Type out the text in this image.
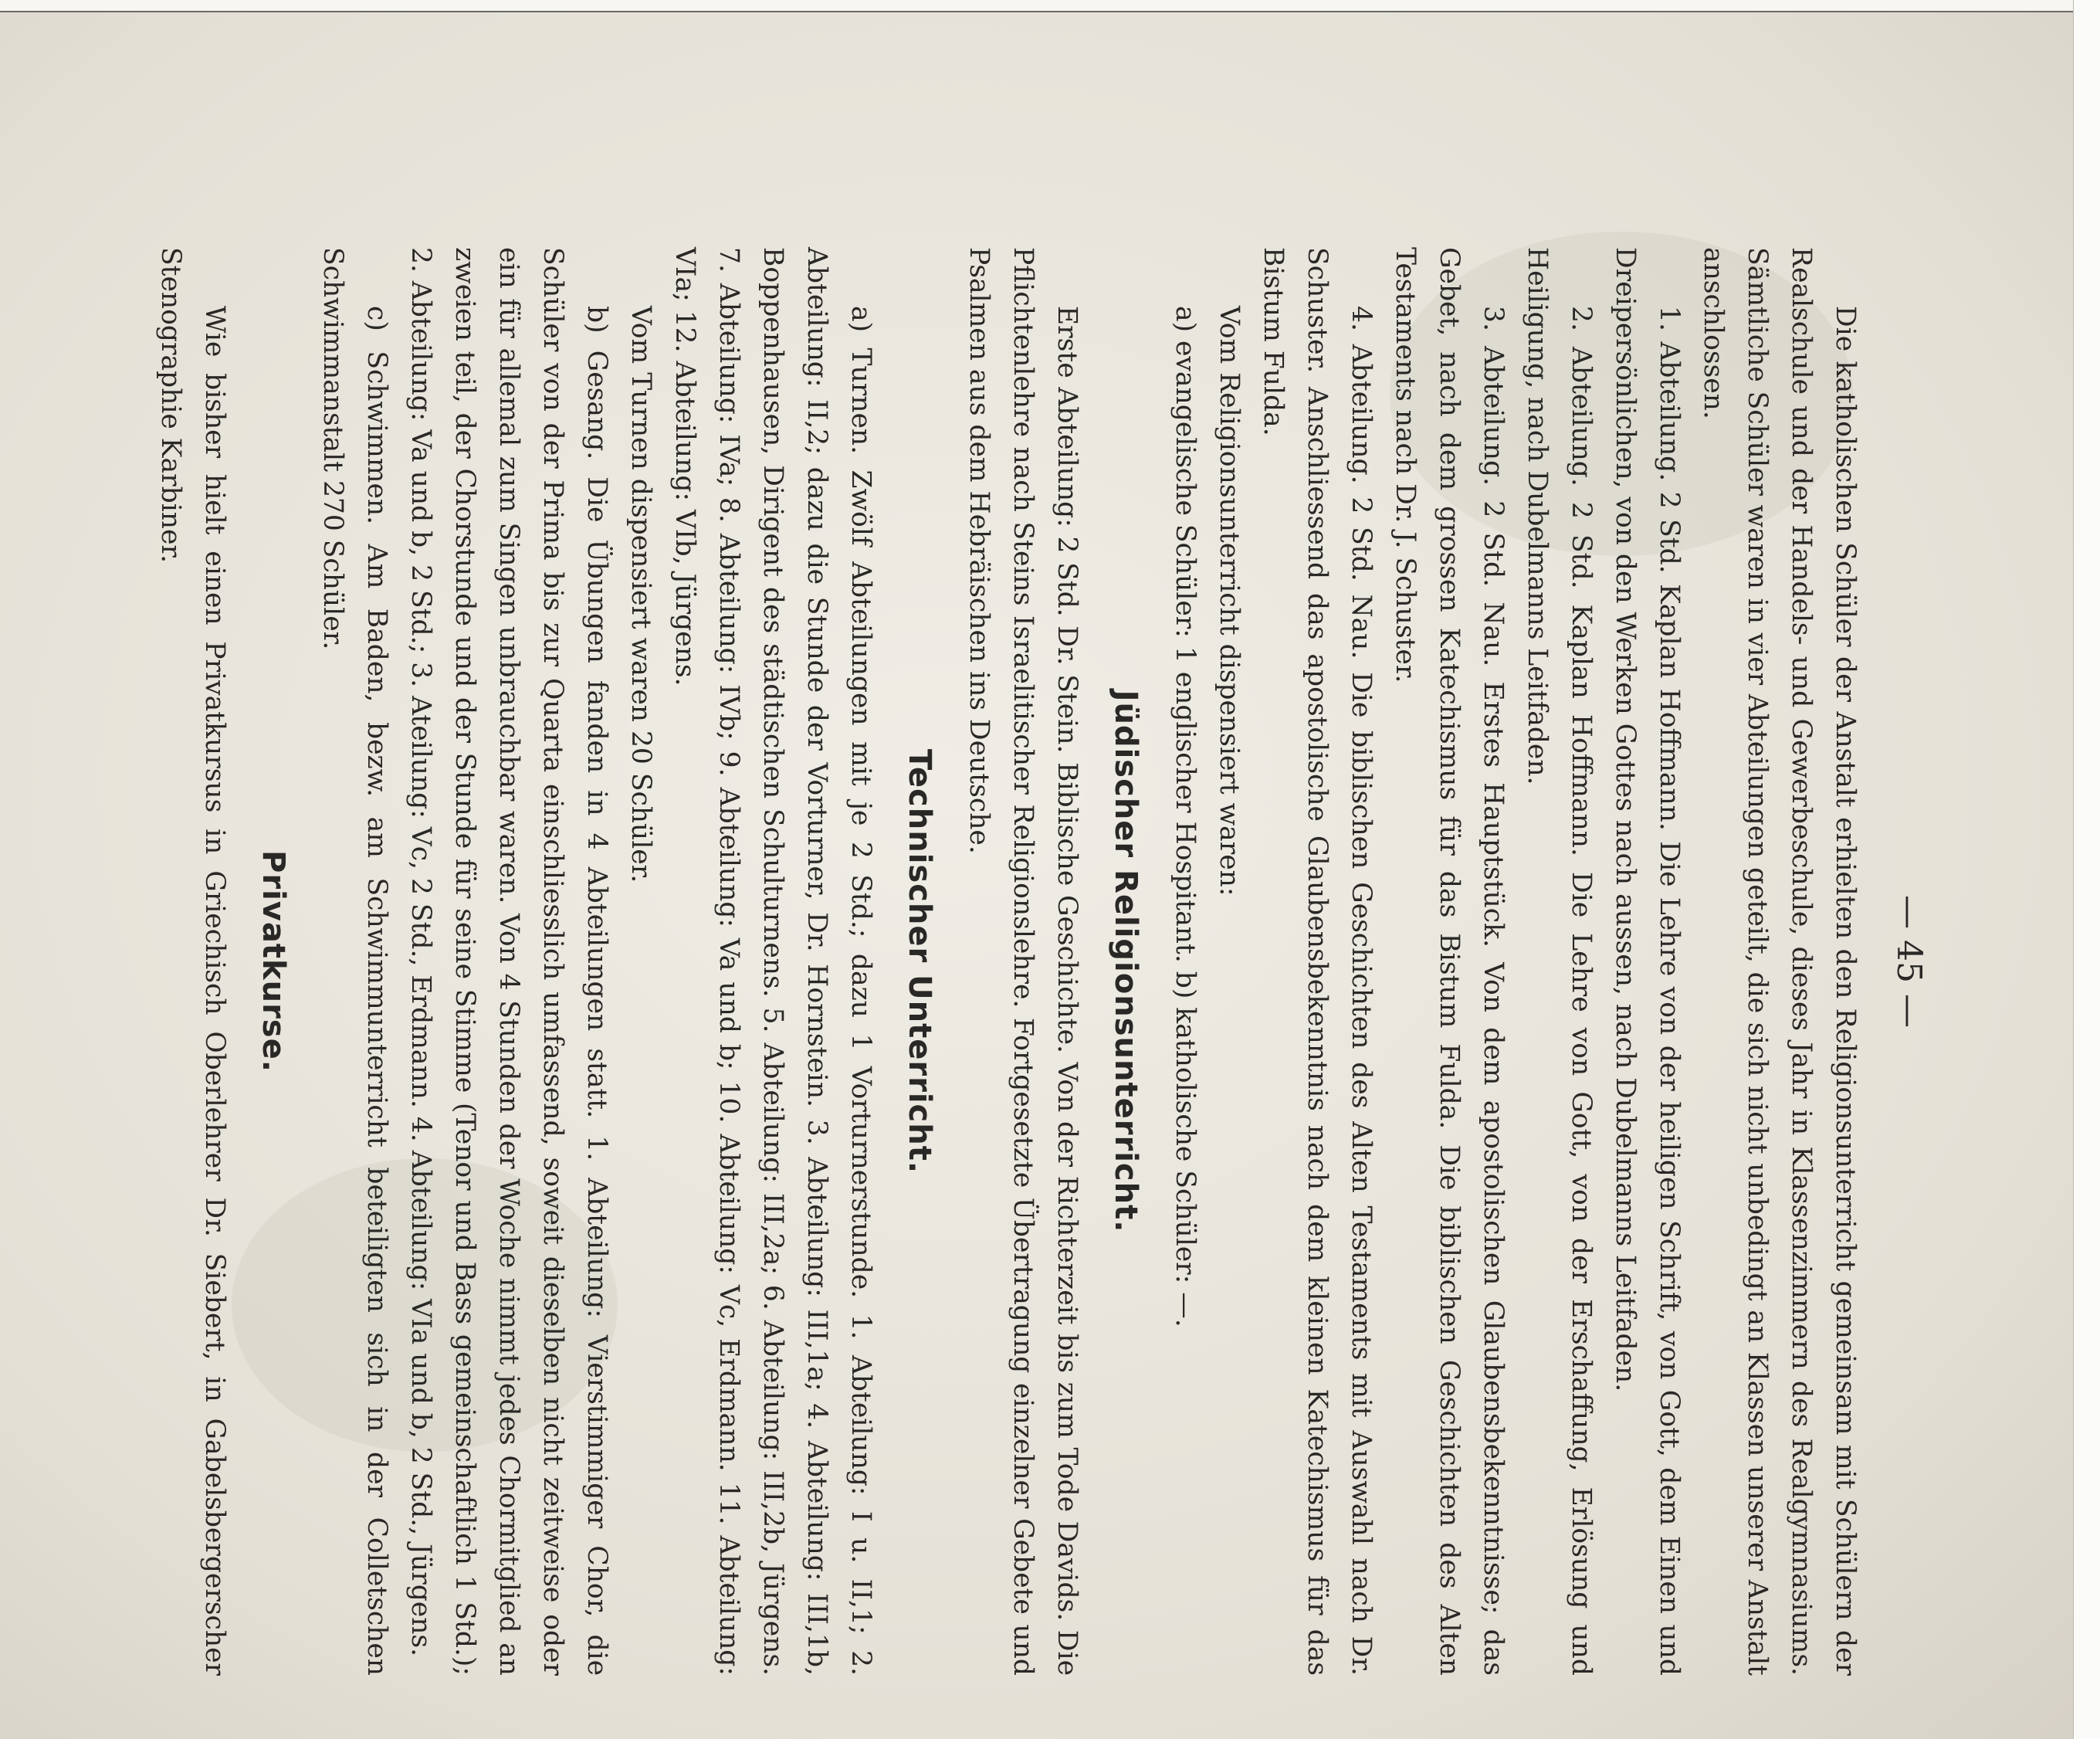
— 45 —

Die katholischen Schüler der Anstalt erhielten den Religionsunterricht gemeinsam mit Schülern der Realschule und der Handels- und Gewerbeschule, dieses Jahr in Klassenzimmern des Realgymnasiums. Sämtliche Schüler waren in vier Abteilungen geteilt, die sich nicht unbedingt an Klassen unserer Anstalt anschlossen.

1. Abteilung. 2 Std. Kaplan Hoffmann. Die Lehre von der heiligen Schrift, von Gott, dem Einen und Dreipersönlichen, von den Werken Gottes nach aussen, nach Dubelmanns Leitfaden.

2. Abteilung. 2 Std. Kaplan Hoffmann. Die Lehre von Gott, von der Erschaffung, Erlösung und Heiligung, nach Dubelmanns Leitfaden.

3. Abteilung. 2 Std. Nau. Erstes Hauptstück. Von dem apostolischen Glaubensbekenntnisse; das Gebet, nach dem grossen Katechismus für das Bistum Fulda. Die biblischen Geschichten des Alten Testaments nach Dr. J. Schuster.

4. Abteilung. 2 Std. Nau. Die biblischen Geschichten des Alten Testaments mit Auswahl nach Dr. Schuster. Anschliessend das apostolische Glaubensbekenntnis nach dem kleinen Katechismus für das Bistum Fulda.

Vom Religionsunterricht dispensiert waren:

a) evangelische Schüler: 1 englischer Hospitant. b) katholische Schüler: —.

Jüdischer Religionsunterricht.

Erste Abteilung: 2 Std. Dr. Stein. Biblische Geschichte. Von der Richterzeit bis zum Tode Davids. Die Pflichtenlehre nach Steins Israelitischer Religionslehre. Fortgesetzte Übertragung einzelner Gebete und Psalmen aus dem Hebräischen ins Deutsche.

Technischer Unterricht.

a) Turnen. Zwölf Abteilungen mit je 2 Std.; dazu 1 Vorturnerstunde. 1. Abteilung: I u. II,1; 2. Abteilung: II,2; dazu die Stunde der Vorturner, Dr. Hornstein. 3. Abteilung: III,1a; 4. Abteilung: III,1b, Boppenhausen, Dirigent des städtischen Schulturnens. 5. Abteilung: III,2a; 6. Abteilung: III,2b, Jürgens. 7. Abteilung: IVa; 8. Abteilung: IVb; 9. Abteilung: Va und b; 10. Abteilung: Vc, Erdmann. 11. Abteilung: VIa; 12. Abteilung: VIb, Jürgens.

Vom Turnen dispensiert waren 20 Schüler.

b) Gesang. Die Übungen fanden in 4 Abteilungen statt. 1. Abteilung: Vierstimmiger Chor, die Schüler von der Prima bis zur Quarta einschliesslich umfassend, soweit dieselben nicht zeitweise oder ein für allemal zum Singen unbrauchbar waren. Von 4 Stunden der Woche nimmt jedes Chormitglied an zweien teil, der Chorstunde und der Stunde für seine Stimme (Tenor und Bass gemeinschaftlich 1 Std.); 2. Abteilung: Va und b, 2 Std.; 3. Ateilung: Vc, 2 Std., Erdmann. 4. Abteilung: VIa und b, 2 Std., Jürgens.

c) Schwimmen. Am Baden, bezw. am Schwimmunterricht beteiligten sich in der Colletschen Schwimmanstalt 270 Schüler.

Privatkurse.

Wie bisher hielt einen Privatkursus in Griechisch Oberlehrer Dr. Siebert, in Gabelsbergerscher Stenographie Karbiner.
